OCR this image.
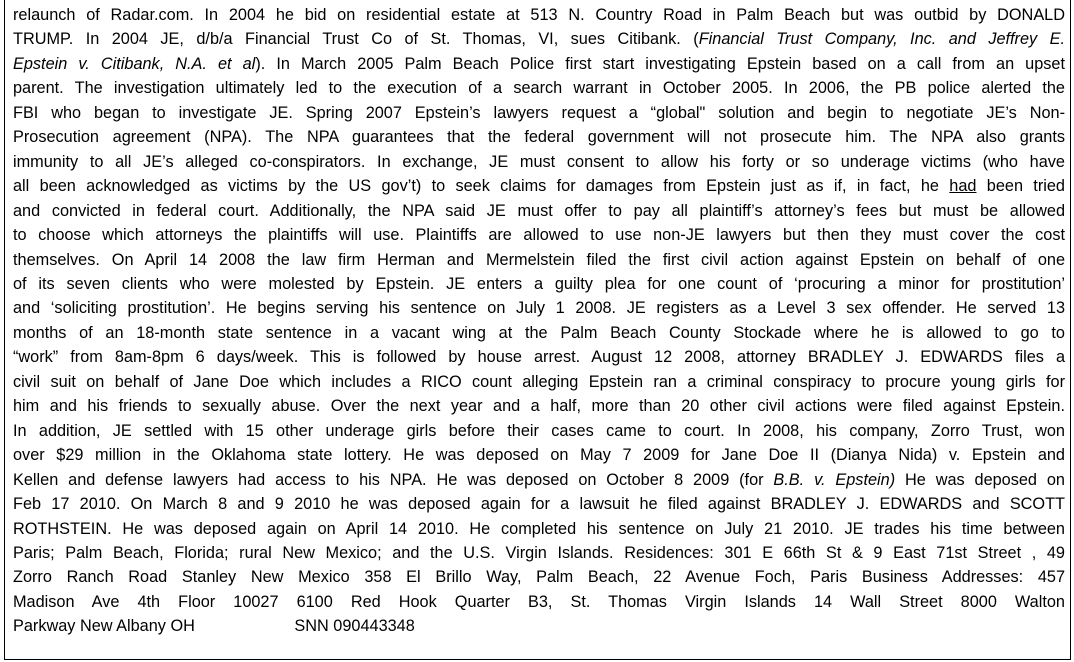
relaunch of Radar.com. In 2004 he bid on residential estate at 513 N. Country Road in Palm Beach but was outbid by DONALD
TRUMP. In 2004 JE, d/b/a Financial Trust Co of St. Thomas, VI, sues Citibank. (Financial Trust Company, Inc. and Jeffrey E.
Epstein v. Citibank, N.A. et al). In March 2005 Palm Beach Police first start investigating Epstein based on a call from an upset
parent. The investigation ultimately led to the execution of a search warrant in October 2005. In 2006, the PB police alerted the
FBI who began to investigate JE. Spring 2007 Epstein’s lawyers request a “global" solution and begin to negotiate JE’s Non-
Prosecution agreement (NPA). The NPA guarantees that the federal government will not prosecute him. The NPA also grants
immunity to all JE’s alleged co-conspirators. In exchange, JE must consent to allow his forty or so underage victims (who have
all been acknowledged as victims by the US gov’t) to seek claims for damages from Epstein just as if, in fact, he had been tried
and convicted in federal court. Additionally, the NPA said JE must offer to pay all plaintiff’s attorney’s fees but must be allowed
to choose which attorneys the plaintiffs will use. Plaintiffs are allowed to use non-JE lawyers but then they must cover the cost
themselves. On April 14 2008 the law firm Herman and Mermelstein filed the first civil action against Epstein on behalf of one
of its seven clients who were molested by Epstein. JE enters a guilty plea for one count of ‘procuring a minor for prostitution’
and ‘soliciting prostitution’. He begins serving his sentence on July 1 2008. JE registers as a Level 3 sex offender. He served 13
months of an 18-month state sentence in a vacant wing at the Palm Beach County Stockade where he is allowed to go to
“work” from 8am-8pm 6 days/week. This is followed by house arrest. August 12 2008, attorney BRADLEY J. EDWARDS files a
civil suit on behalf of Jane Doe which includes a RICO count alleging Epstein ran a criminal conspiracy to procure young girls for
him and his friends to sexually abuse. Over the next year and a half, more than 20 other civil actions were filed against Epstein.
In addition, JE settled with 15 other underage girls before their cases came to court. In 2008, his company, Zorro Trust, won
over $29 million in the Oklahoma state lottery. He was deposed on May 7 2009 for Jane Doe II (Dianya Nida) v. Epstein and
Kellen and defense lawyers had access to his NPA. He was deposed on October 8 2009 (for B.B. v. Epstein) He was deposed on
Feb 17 2010. On March 8 and 9 2010 he was deposed again for a lawsuit he filed against BRADLEY J. EDWARDS and SCOTT
ROTHSTEIN. He was deposed again on April 14 2010. He completed his sentence on July 21 2010. JE trades his time between
Paris; Palm Beach, Florida; rural New Mexico; and the U.S. Virgin Islands. Residences: 301 E 66th St & 9 East 71st Street , 49
Zorro Ranch Road Stanley New Mexico 358 El Brillo Way, Palm Beach, 22 Avenue Foch, Paris Business Addresses: 457
Madison Ave 4th Floor 10027 6100 Red Hook Quarter B3, St. Thomas Virgin Islands 14 Wall Street 8000 Walton
Parkway New Albany OH                      SNN 090443348
